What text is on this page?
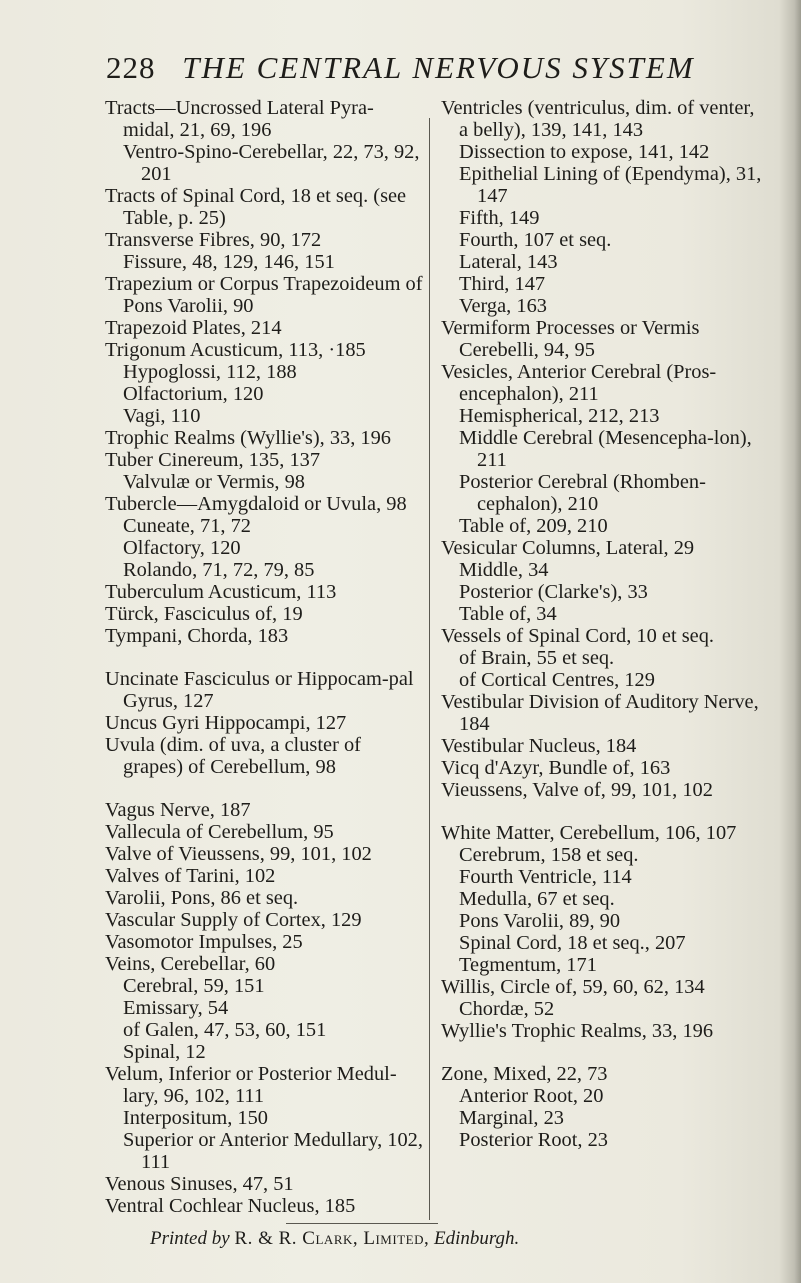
228 THE CENTRAL NERVOUS SYSTEM
Tracts—Uncrossed Lateral Pyra-midal, 21, 69, 196
Ventro-Spino-Cerebellar, 22, 73, 92, 201
Tracts of Spinal Cord, 18 et seq. (see Table, p. 25)
Transverse Fibres, 90, 172
Fissure, 48, 129, 146, 151
Trapezium or Corpus Trapezoideum of Pons Varolii, 90
Trapezoid Plates, 214
Trigonum Acusticum, 113, ·185
Hypoglossi, 112, 188
Olfactorium, 120
Vagi, 110
Trophic Realms (Wyllie's), 33, 196
Tuber Cinereum, 135, 137
Valvulæ or Vermis, 98
Tubercle—Amygdaloid or Uvula, 98
Cuneate, 71, 72
Olfactory, 120
Rolando, 71, 72, 79, 85
Tuberculum Acusticum, 113
Türck, Fasciculus of, 19
Tympani, Chorda, 183
Uncinate Fasciculus or Hippocam-pal Gyrus, 127
Uncus Gyri Hippocampi, 127
Uvula (dim. of uva, a cluster of grapes) of Cerebellum, 98
Vagus Nerve, 187
Vallecula of Cerebellum, 95
Valve of Vieussens, 99, 101, 102
Valves of Tarini, 102
Varolii, Pons, 86 et seq.
Vascular Supply of Cortex, 129
Vasomotor Impulses, 25
Veins, Cerebellar, 60
Cerebral, 59, 151
Emissary, 54
of Galen, 47, 53, 60, 151
Spinal, 12
Velum, Inferior or Posterior Medul-lary, 96, 102, 111
Interpositum, 150
Superior or Anterior Medullary, 102, 111
Venous Sinuses, 47, 51
Ventral Cochlear Nucleus, 185
Ventricles (ventriculus, dim. of venter, a belly), 139, 141, 143
Dissection to expose, 141, 142
Epithelial Lining of (Ependyma), 31, 147
Fifth, 149
Fourth, 107 et seq.
Lateral, 143
Third, 147
Verga, 163
Vermiform Processes or Vermis Cerebelli, 94, 95
Vesicles, Anterior Cerebral (Pros-encephalon), 211
Hemispherical, 212, 213
Middle Cerebral (Mesencepha-lon), 211
Posterior Cerebral (Rhomben-cephalon), 210
Table of, 209, 210
Vesicular Columns, Lateral, 29
Middle, 34
Posterior (Clarke's), 33
Table of, 34
Vessels of Spinal Cord, 10 et seq.
of Brain, 55 et seq.
of Cortical Centres, 129
Vestibular Division of Auditory Nerve, 184
Vestibular Nucleus, 184
Vicq d'Azyr, Bundle of, 163
Vieussens, Valve of, 99, 101, 102
White Matter, Cerebellum, 106, 107
Cerebrum, 158 et seq.
Fourth Ventricle, 114
Medulla, 67 et seq.
Pons Varolii, 89, 90
Spinal Cord, 18 et seq., 207
Tegmentum, 171
Willis, Circle of, 59, 60, 62, 134
Chordæ, 52
Wyllie's Trophic Realms, 33, 196
Zone, Mixed, 22, 73
Anterior Root, 20
Marginal, 23
Posterior Root, 23
Printed by R. & R. Clark, Limited, Edinburgh.
